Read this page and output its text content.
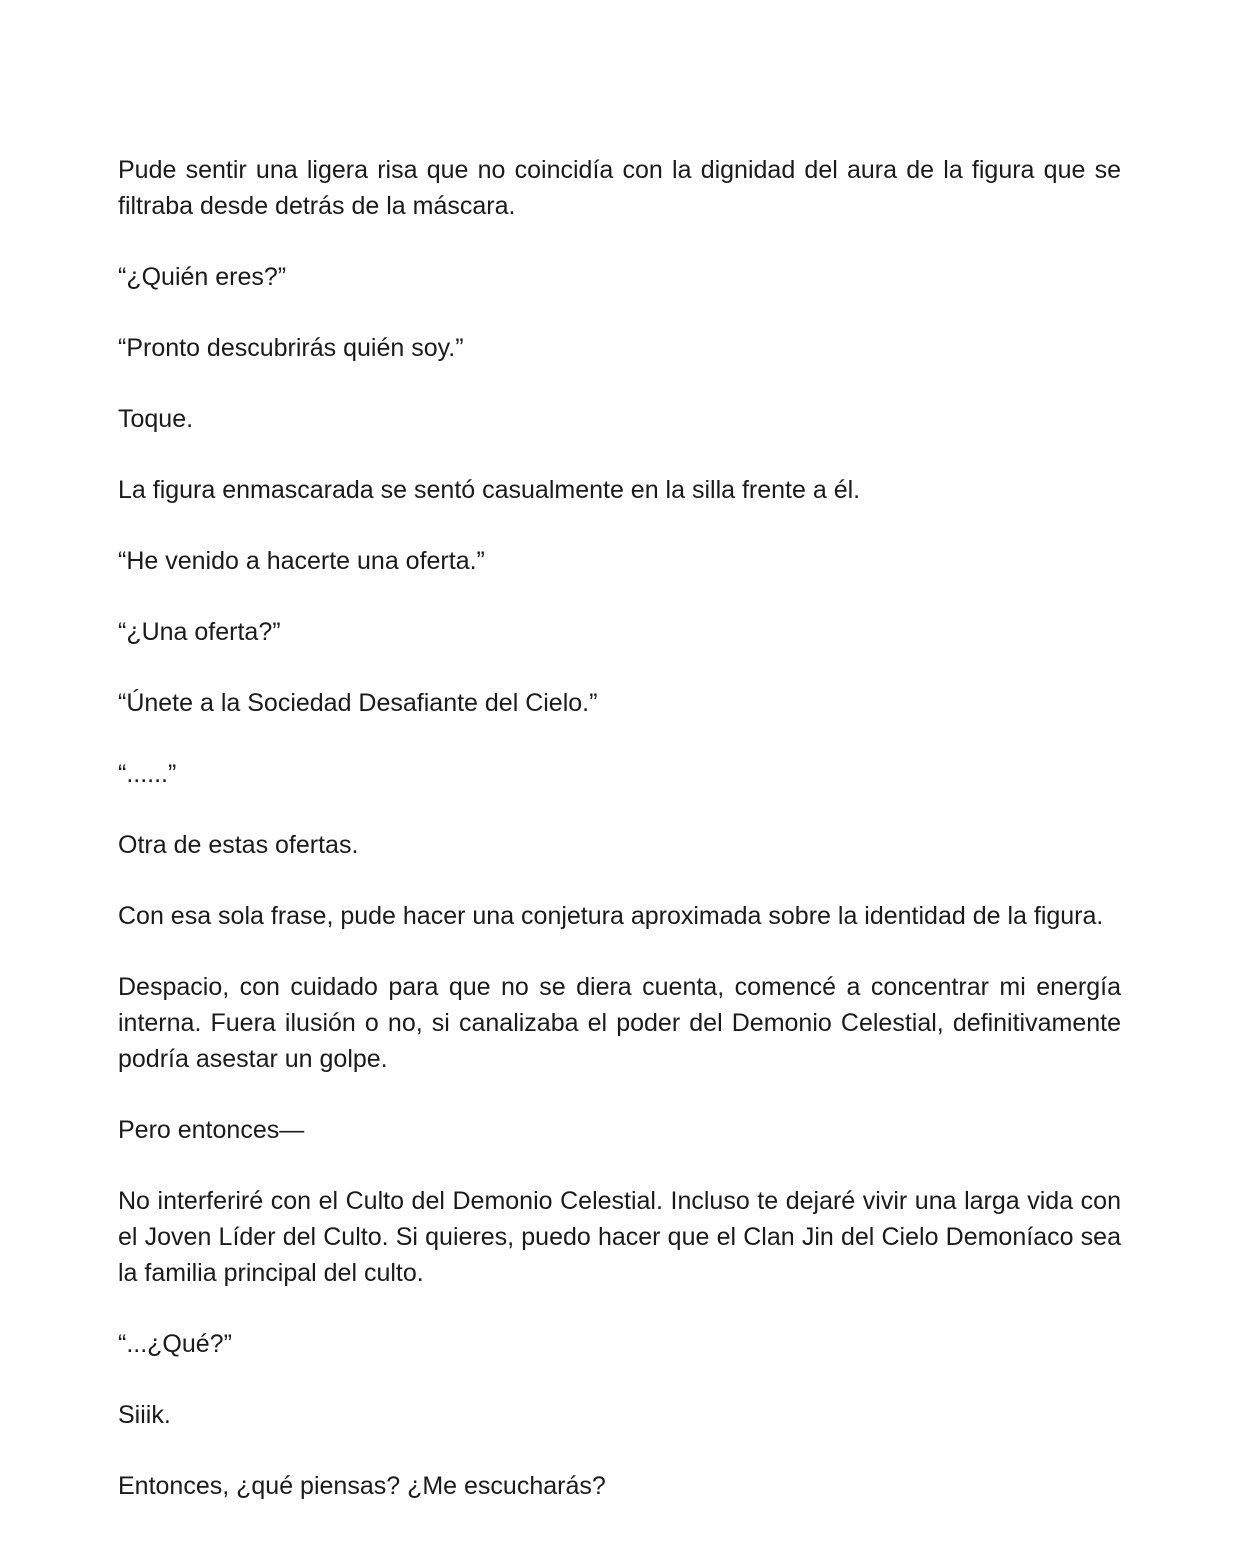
Pude sentir una ligera risa que no coincidía con la dignidad del aura de la figura que se filtraba desde detrás de la máscara.

“¿Quién eres?”

“Pronto descubrirás quién soy.”

Toque.

La figura enmascarada se sentó casualmente en la silla frente a él.

“He venido a hacerte una oferta.”

“¿Una oferta?”

“Únete a la Sociedad Desafiante del Cielo.”

“......”

Otra de estas ofertas.

Con esa sola frase, pude hacer una conjetura aproximada sobre la identidad de la figura.

Despacio, con cuidado para que no se diera cuenta, comencé a concentrar mi energía interna. Fuera ilusión o no, si canalizaba el poder del Demonio Celestial, definitivamente podría asestar un golpe.

Pero entonces—

No interferiré con el Culto del Demonio Celestial. Incluso te dejaré vivir una larga vida con el Joven Líder del Culto. Si quieres, puedo hacer que el Clan Jin del Cielo Demoníaco sea la familia principal del culto.

“...¿Qué?”

Siiik.

Entonces, ¿qué piensas? ¿Me escucharás?
